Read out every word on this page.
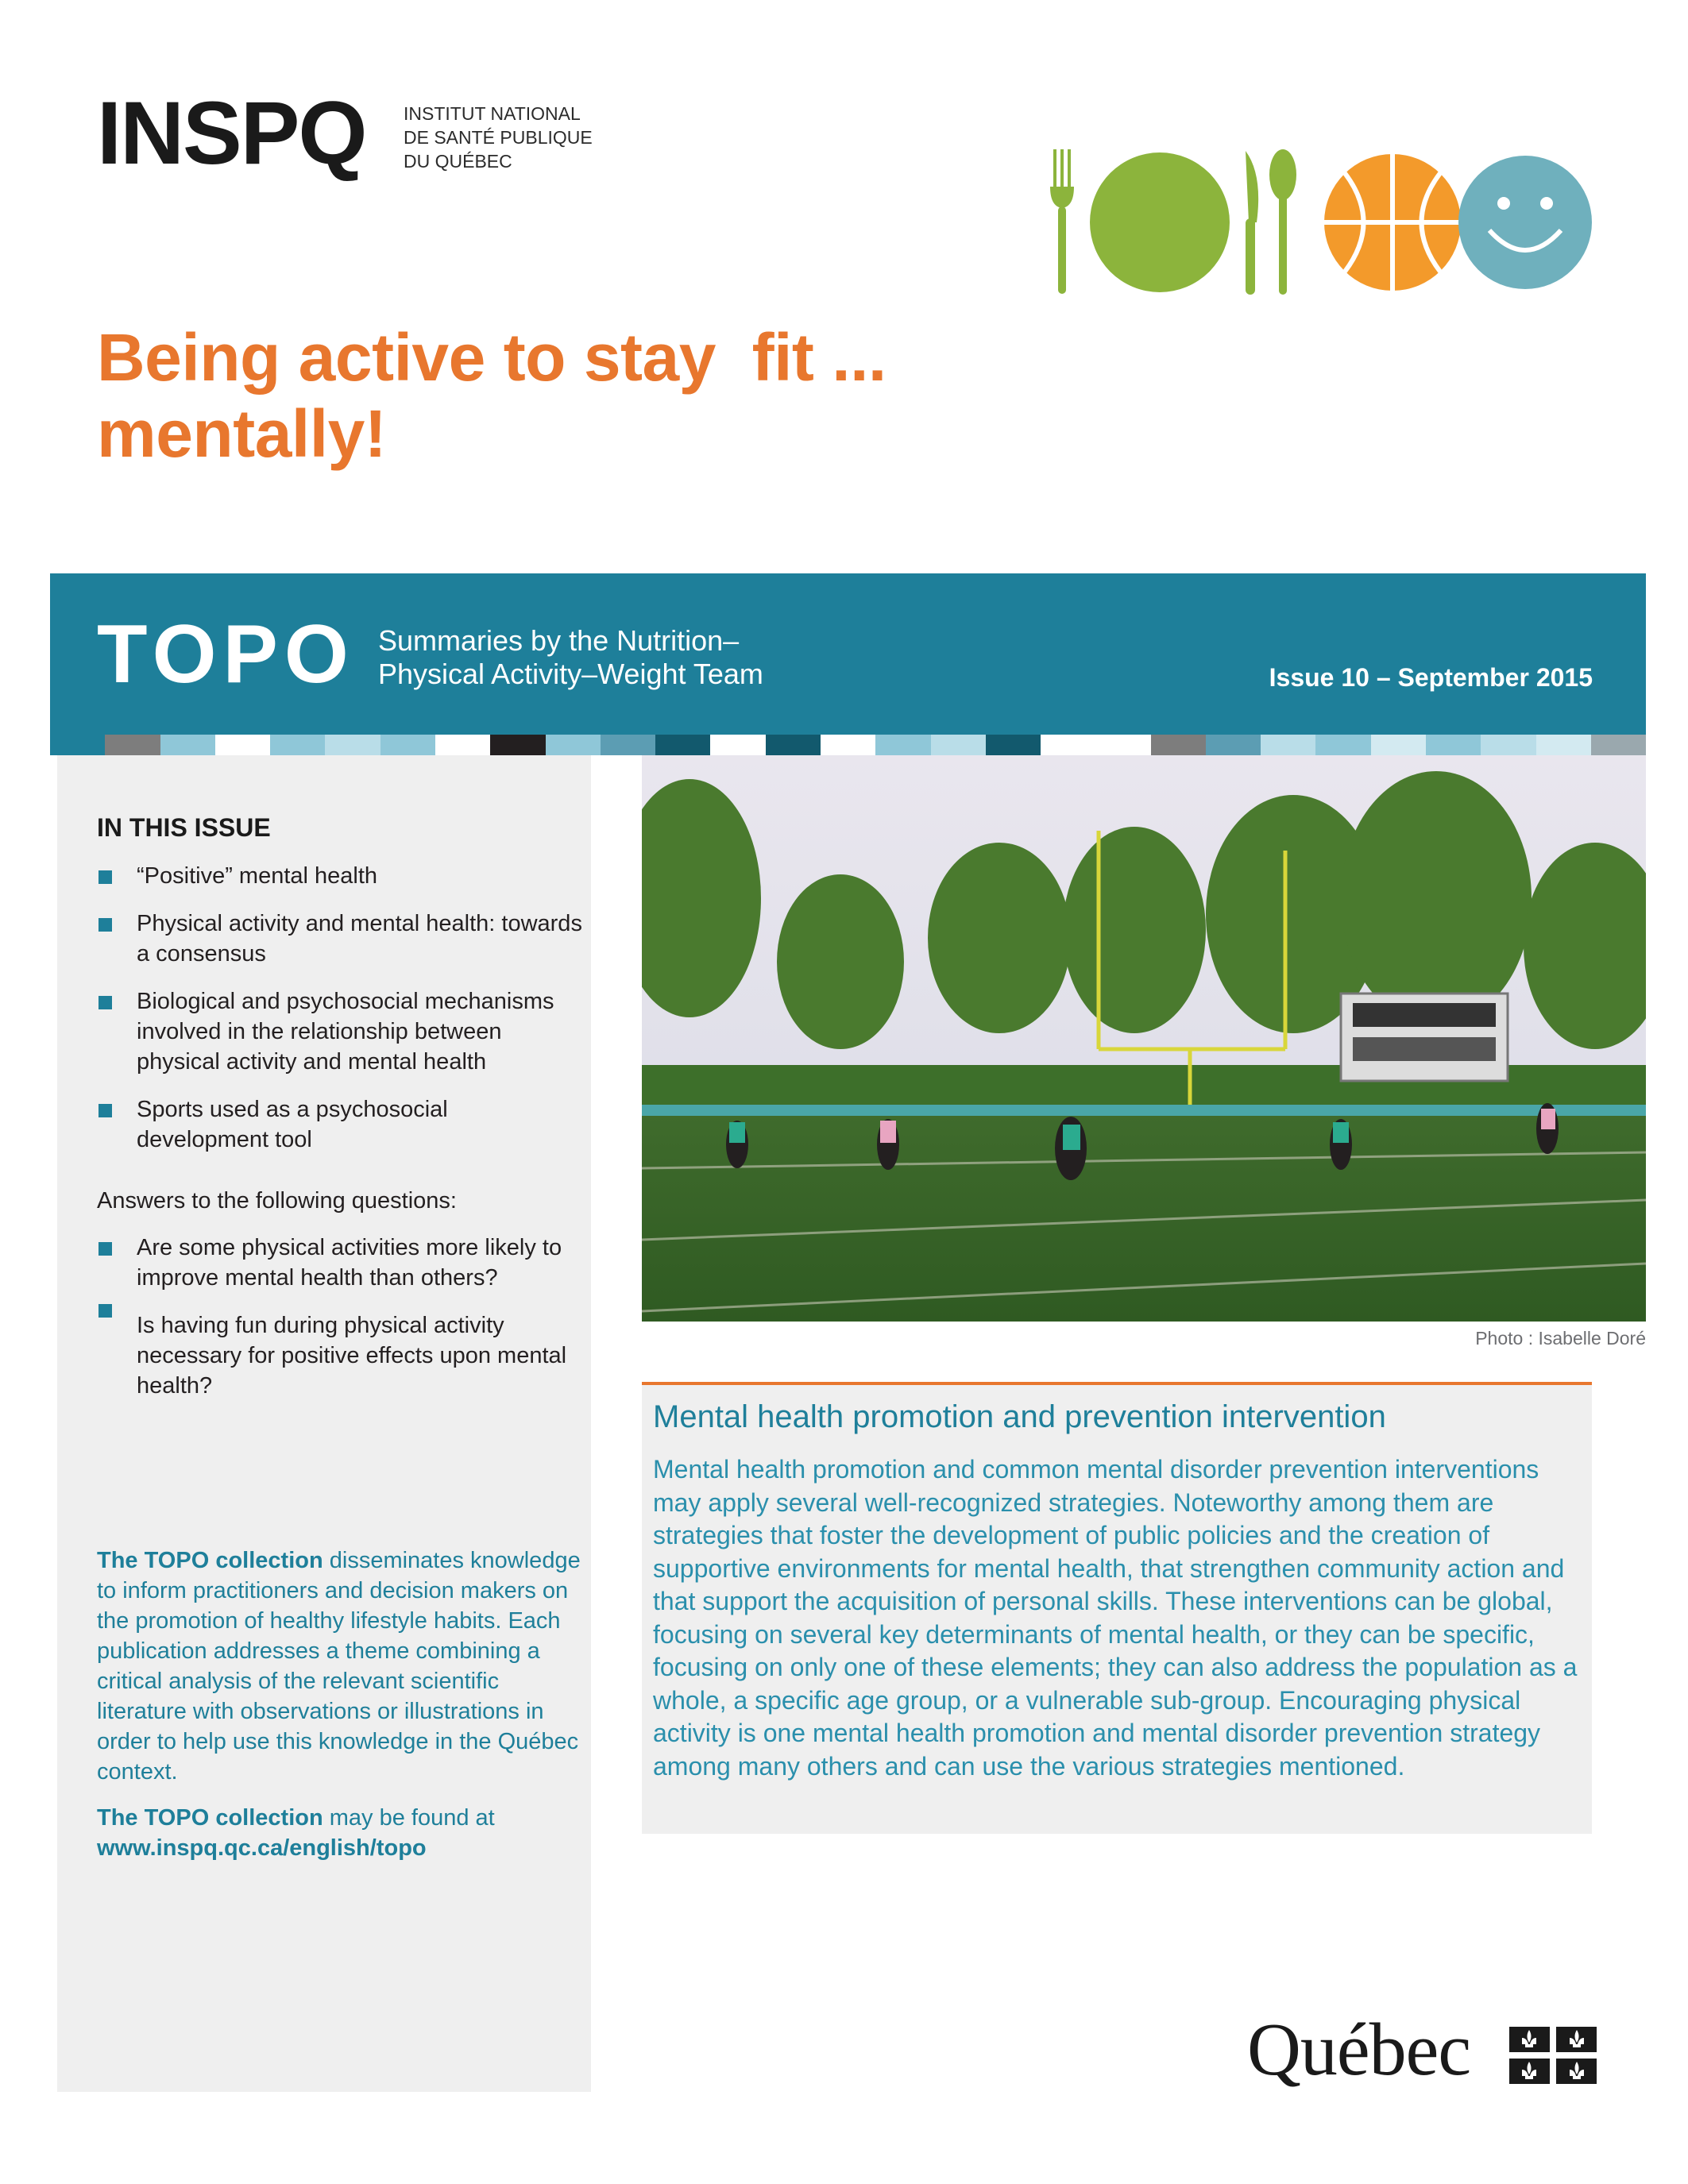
INSPQ INSTITUT NATIONAL
DE SANTÉ PUBLIQUE
DU QUÉBEC
Being active to stay  fit ...
mentally!
TOPO Summaries by the Nutrition–
Physical Activity–Weight Team	Issue 10 – September 2015
IN THIS ISSUE
“Positive” mental health
Physical activity and mental health: towards a consensus
Biological and psychosocial mechanisms involved in the relationship between physical activity and mental health
Sports used as a psychosocial development tool
Answers to the following questions:
Are some physical activities more likely to improve mental health than others?
Is having fun during physical activity necessary for positive effects upon mental health?
The TOPO collection disseminates knowledge to inform practitioners and decision makers on the promotion of healthy lifestyle habits. Each publication addresses a theme combining a critical analysis of the relevant scientific literature with observations or illustrations in order to help use this knowledge in the Québec context.
The TOPO collection may be found at
www.inspq.qc.ca/english/topo
Photo : Isabelle Doré
Mental health promotion and prevention intervention
Mental health promotion and common mental disorder prevention interventions may apply several well-recognized strategies. Noteworthy among them are strategies that foster the development of public policies and the creation of supportive environments for mental health, that strengthen community action and that support the acquisition of personal skills. These interventions can be global, focusing on several key determinants of mental health, or they can be specific, focusing on only one of these elements; they can also address the population as a whole, a specific age group, or a vulnerable sub-group. Encouraging physical activity is one mental health promotion and mental disorder prevention strategy among many others and can use the various strategies mentioned.
Québec
